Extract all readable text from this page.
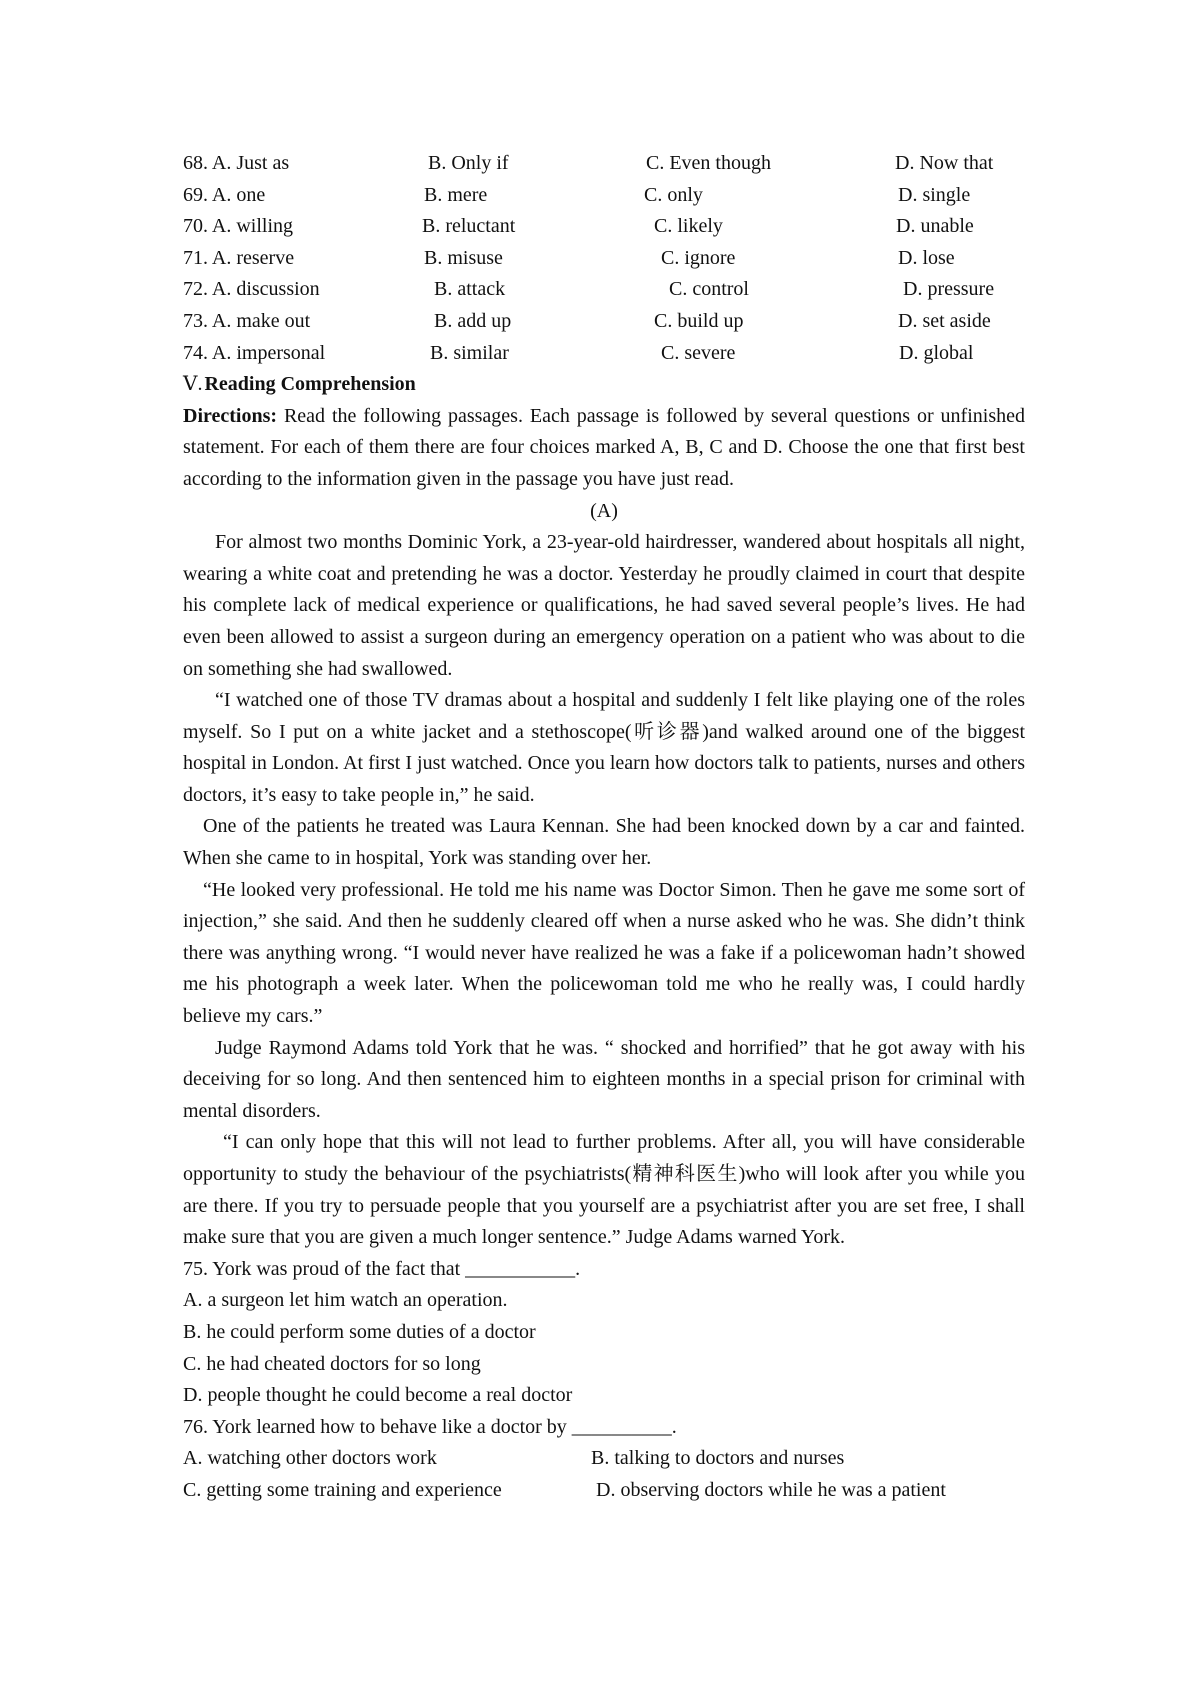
68. A. Just as	B. Only if	C. Even though	D. Now that
69. A. one	B. mere	C. only	D. single
70. A. willing	B. reluctant	C. likely	D. unable
71. A. reserve	B. misuse	C. ignore	D. lose
72. A. discussion	B. attack	C. control	D. pressure
73. A. make out	B. add up	C. build up	D. set aside
74. A. impersonal	B. similar	C. severe	D. global
Ⅴ. Reading Comprehension

Directions: Read the following passages. Each passage is followed by several questions or unfinished statement. For each of them there are four choices marked A, B, C and D. Choose the one that first best according to the information given in the passage you have just read.

(A)

For almost two months Dominic York, a 23-year-old hairdresser, wandered about hospitals all night, wearing a white coat and pretending he was a doctor. Yesterday he proudly claimed in court that despite his complete lack of medical experience or qualifications, he had saved several people’s lives. He had even been allowed to assist a surgeon during an emergency operation on a patient who was about to die on something she had swallowed.

“I watched one of those TV dramas about a hospital and suddenly I felt like playing one of the roles myself. So I put on a white jacket and a stethoscope(听诊器)and walked around one of the biggest hospital in London. At first I just watched. Once you learn how doctors talk to patients, nurses and others doctors, it’s easy to take people in,” he said.

One of the patients he treated was Laura Kennan. She had been knocked down by a car and fainted. When she came to in hospital, York was standing over her.

“He looked very professional. He told me his name was Doctor Simon. Then he gave me some sort of injection,” she said. And then he suddenly cleared off when a nurse asked who he was. She didn’t think there was anything wrong. “I would never have realized he was a fake if a policewoman hadn’t showed me his photograph a week later. When the policewoman told me who he really was, I could hardly believe my cars.”

Judge Raymond Adams told York that he was. “ shocked and horrified” that he got away with his deceiving for so long. And then sentenced him to eighteen months in a special prison for criminal with mental disorders.

“I can only hope that this will not lead to further problems. After all, you will have considerable opportunity to study the behaviour of the psychiatrists(精神科医生)who will look after you while you are there. If you try to persuade people that you yourself are a psychiatrist after you are set free, I shall make sure that you are given a much longer sentence.” Judge Adams warned York.

75. York was proud of the fact that ___________.
A. a surgeon let him watch an operation.
B. he could perform some duties of a doctor
C. he had cheated doctors for so long
D. people thought he could become a real doctor
76. York learned how to behave like a doctor by __________.
A. watching other doctors work	B. talking to doctors and nurses
C. getting some training and experience	D. observing doctors while he was a patient
